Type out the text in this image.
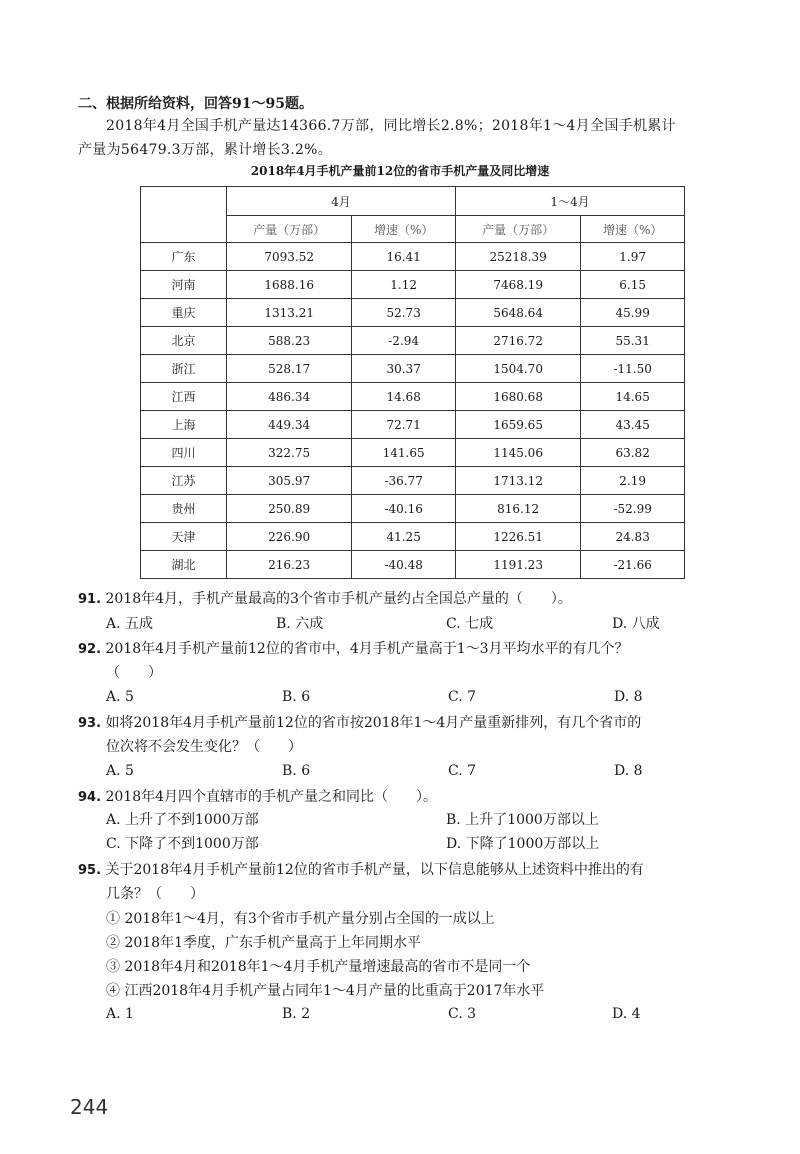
二、根据所给资料，回答91～95题。
2018年4月全国手机产量达14366.7万部，同比增长2.8%；2018年1～4月全国手机累计
产量为56479.3万部，累计增长3.2%。
2018年4月手机产量前12位的省市手机产量及同比增速
	4月		1～4月	
	产量（万部）	增速（%）	产量（万部）	增速（%）
广东	7093.52	16.41	25218.39	1.97
河南	1688.16	1.12	7468.19	6.15
重庆	1313.21	52.73	5648.64	45.99
北京	588.23	-2.94	2716.72	55.31
浙江	528.17	30.37	1504.70	-11.50
江西	486.34	14.68	1680.68	14.65
上海	449.34	72.71	1659.65	43.45
四川	322.75	141.65	1145.06	63.82
江苏	305.97	-36.77	1713.12	2.19
贵州	250.89	-40.16	816.12	-52.99
天津	226.90	41.25	1226.51	24.83
湖北	216.23	-40.48	1191.23	-21.66
91. 2018年4月，手机产量最高的3个省市手机产量约占全国总产量的（　　）。
A. 五成	B. 六成	C. 七成	D. 八成
92. 2018年4月手机产量前12位的省市中，4月手机产量高于1～3月平均水平的有几个？
（　　）
A. 5	B. 6	C. 7	D. 8
93. 如将2018年4月手机产量前12位的省市按2018年1～4月产量重新排列，有几个省市的
位次将不会发生变化？（　　）
A. 5	B. 6	C. 7	D. 8
94. 2018年4月四个直辖市的手机产量之和同比（　　）。
A. 上升了不到1000万部	B. 上升了1000万部以上
C. 下降了不到1000万部	D. 下降了1000万部以上
95. 关于2018年4月手机产量前12位的省市手机产量，以下信息能够从上述资料中推出的有
几条？（　　）
① 2018年1～4月，有3个省市手机产量分别占全国的一成以上
② 2018年1季度，广东手机产量高于上年同期水平
③ 2018年4月和2018年1～4月手机产量增速最高的省市不是同一个
④ 江西2018年4月手机产量占同年1～4月产量的比重高于2017年水平
A. 1	B. 2	C. 3	D. 4
244
